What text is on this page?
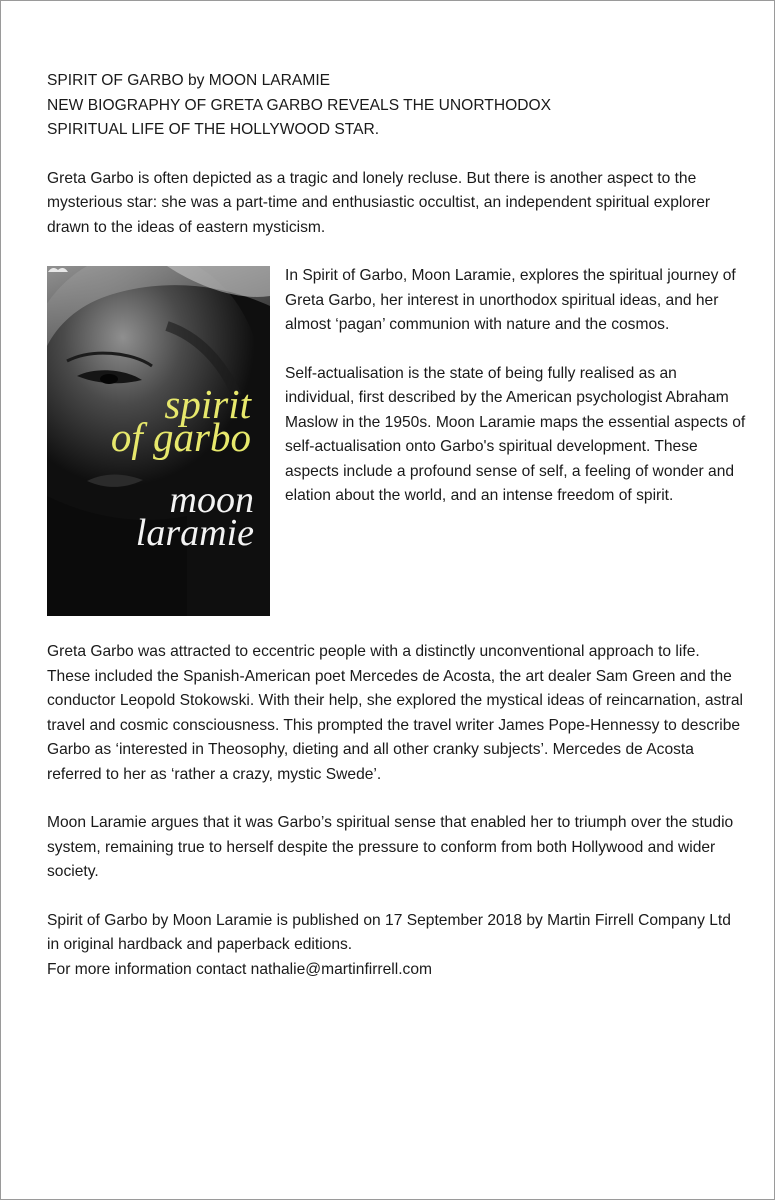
SPIRIT OF GARBO by MOON LARAMIE

NEW BIOGRAPHY OF GRETA GARBO REVEALS THE UNORTHODOX

SPIRITUAL LIFE OF THE HOLLYWOOD STAR.

Greta Garbo is often depicted as a tragic and lonely recluse. But there is another aspect to the mysterious star: she was a part-time and enthusiastic occultist, an independent spiritual explorer drawn to the ideas of eastern mysticism.

spirit
of garbo
moon
laramie

In Spirit of Garbo, Moon Laramie, explores the spiritual journey of Greta Garbo, her interest in unorthodox spiritual ideas, and her almost ‘pagan’ communion with nature and the cosmos.

Self-actualisation is the state of being fully realised as an individual, first described by the American psychologist Abraham Maslow in the 1950s. Moon Laramie maps the essential aspects of self-actualisation onto Garbo's spiritual development. These aspects include a profound sense of self, a feeling of wonder and elation about the world, and an intense freedom of spirit.

Greta Garbo was attracted to eccentric people with a distinctly unconventional approach to life. These included the Spanish-American poet Mercedes de Acosta, the art dealer Sam Green and the conductor Leopold Stokowski. With their help, she explored the mystical ideas of reincarnation, astral travel and cosmic consciousness. This prompted the travel writer James Pope-Hennessy to describe Garbo as ‘interested in Theosophy, dieting and all other cranky subjects’. Mercedes de Acosta referred to her as ‘rather a crazy, mystic Swede’.

Moon Laramie argues that it was Garbo’s spiritual sense that enabled her to triumph over the studio system, remaining true to herself despite the pressure to conform from both Hollywood and wider society.

Spirit of Garbo by Moon Laramie is published on 17 September 2018 by Martin Firrell Company Ltd in original hardback and paperback editions.

For more information contact nathalie@martinfirrell.com
